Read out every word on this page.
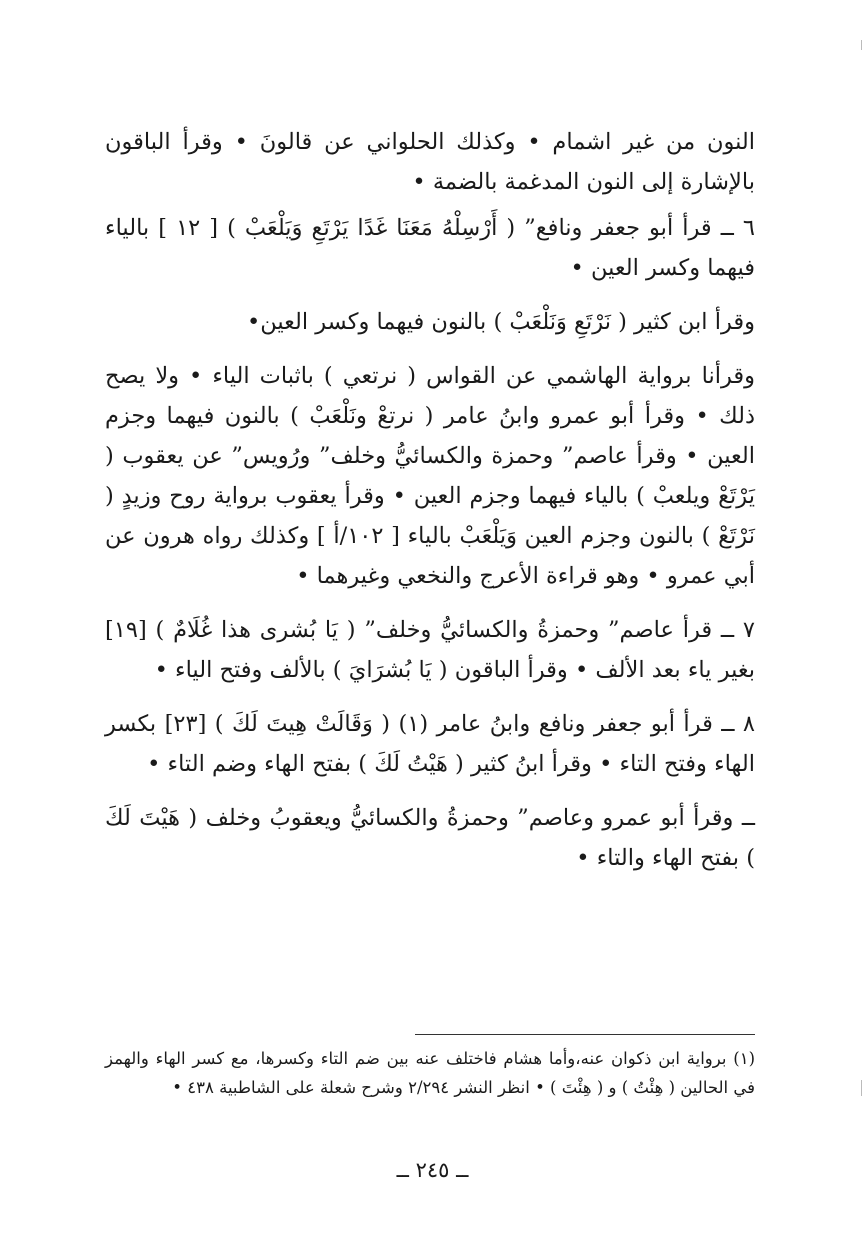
النون من غير اشمام • وكذلك الحلواني عن قالونَ • وقرأ الباقون بالإشارة إلى النون المدغمة بالضمة •

٦ ــ قرأ أبو جعفر ونافع” ( أَرْسِلْهُ مَعَنَا غَدًا يَرْتَعِ وَيَلْعَبْ ) [ ١٢ ] بالياء فيهما وكسر العين •

وقرأ ابن كثير ( نَرْتَعِ وَنَلْعَبْ ) بالنون فيهما وكسر العين•

وقرأنا برواية الهاشمي عن القواس ( نرتعي ) باثبات الياء • ولا يصح ذلك • وقرأ أبو عمرو وابنُ عامر ( نرتعْ ونَلْعَبْ ) بالنون فيهما وجزم العين • وقرأ عاصم” وحمزة والكسائيُّ وخلف” ورُويس” عن يعقوب ( يَرْتَعْ ويلعبْ ) بالياء فيهما وجزم العين • وقرأ يعقوب برواية روح وزيدٍ ( نَرْتَعْ ) بالنون وجزم العين وَيَلْعَبْ بالياء [ ١٠٢/أ ] وكذلك رواه هرون عن أبي عمرو • وهو قراءة الأعرج والنخعي وغيرهما •

٧ ــ قرأ عاصم” وحمزةُ والكسائيُّ وخلف” ( يَا بُشرى هذا غُلَامٌ ) [١٩] بغير ياء بعد الألف • وقرأ الباقون ( يَا بُشرَايَ ) بالألف وفتح الياء •

٨ ــ قرأ أبو جعفر ونافع وابنُ عامر (١) ( وَقَالَتْ هِيتَ لَكَ ) [٢٣] بكسر الهاء وفتح التاء • وقرأ ابنُ كثير ( هَيْتُ لَكَ ) بفتح الهاء وضم التاء •

ــ وقرأ أبو عمرو وعاصم” وحمزةُ والكسائيُّ ويعقوبُ وخلف ( هَيْتَ لَكَ ) بفتح الهاء والتاء •

(١) برواية ابن ذكوان عنه،وأما هشام فاختلف عنه بين ضم التاء وكسرها، مع كسر الهاء والهمز في الحالين ( هِئْتُ ) و ( هِئْتَ ) • انظر النشر ٢/٢٩٤ وشرح شعلة على الشاطبية ٤٣٨ •

ــ ٢٤٥ ــ
